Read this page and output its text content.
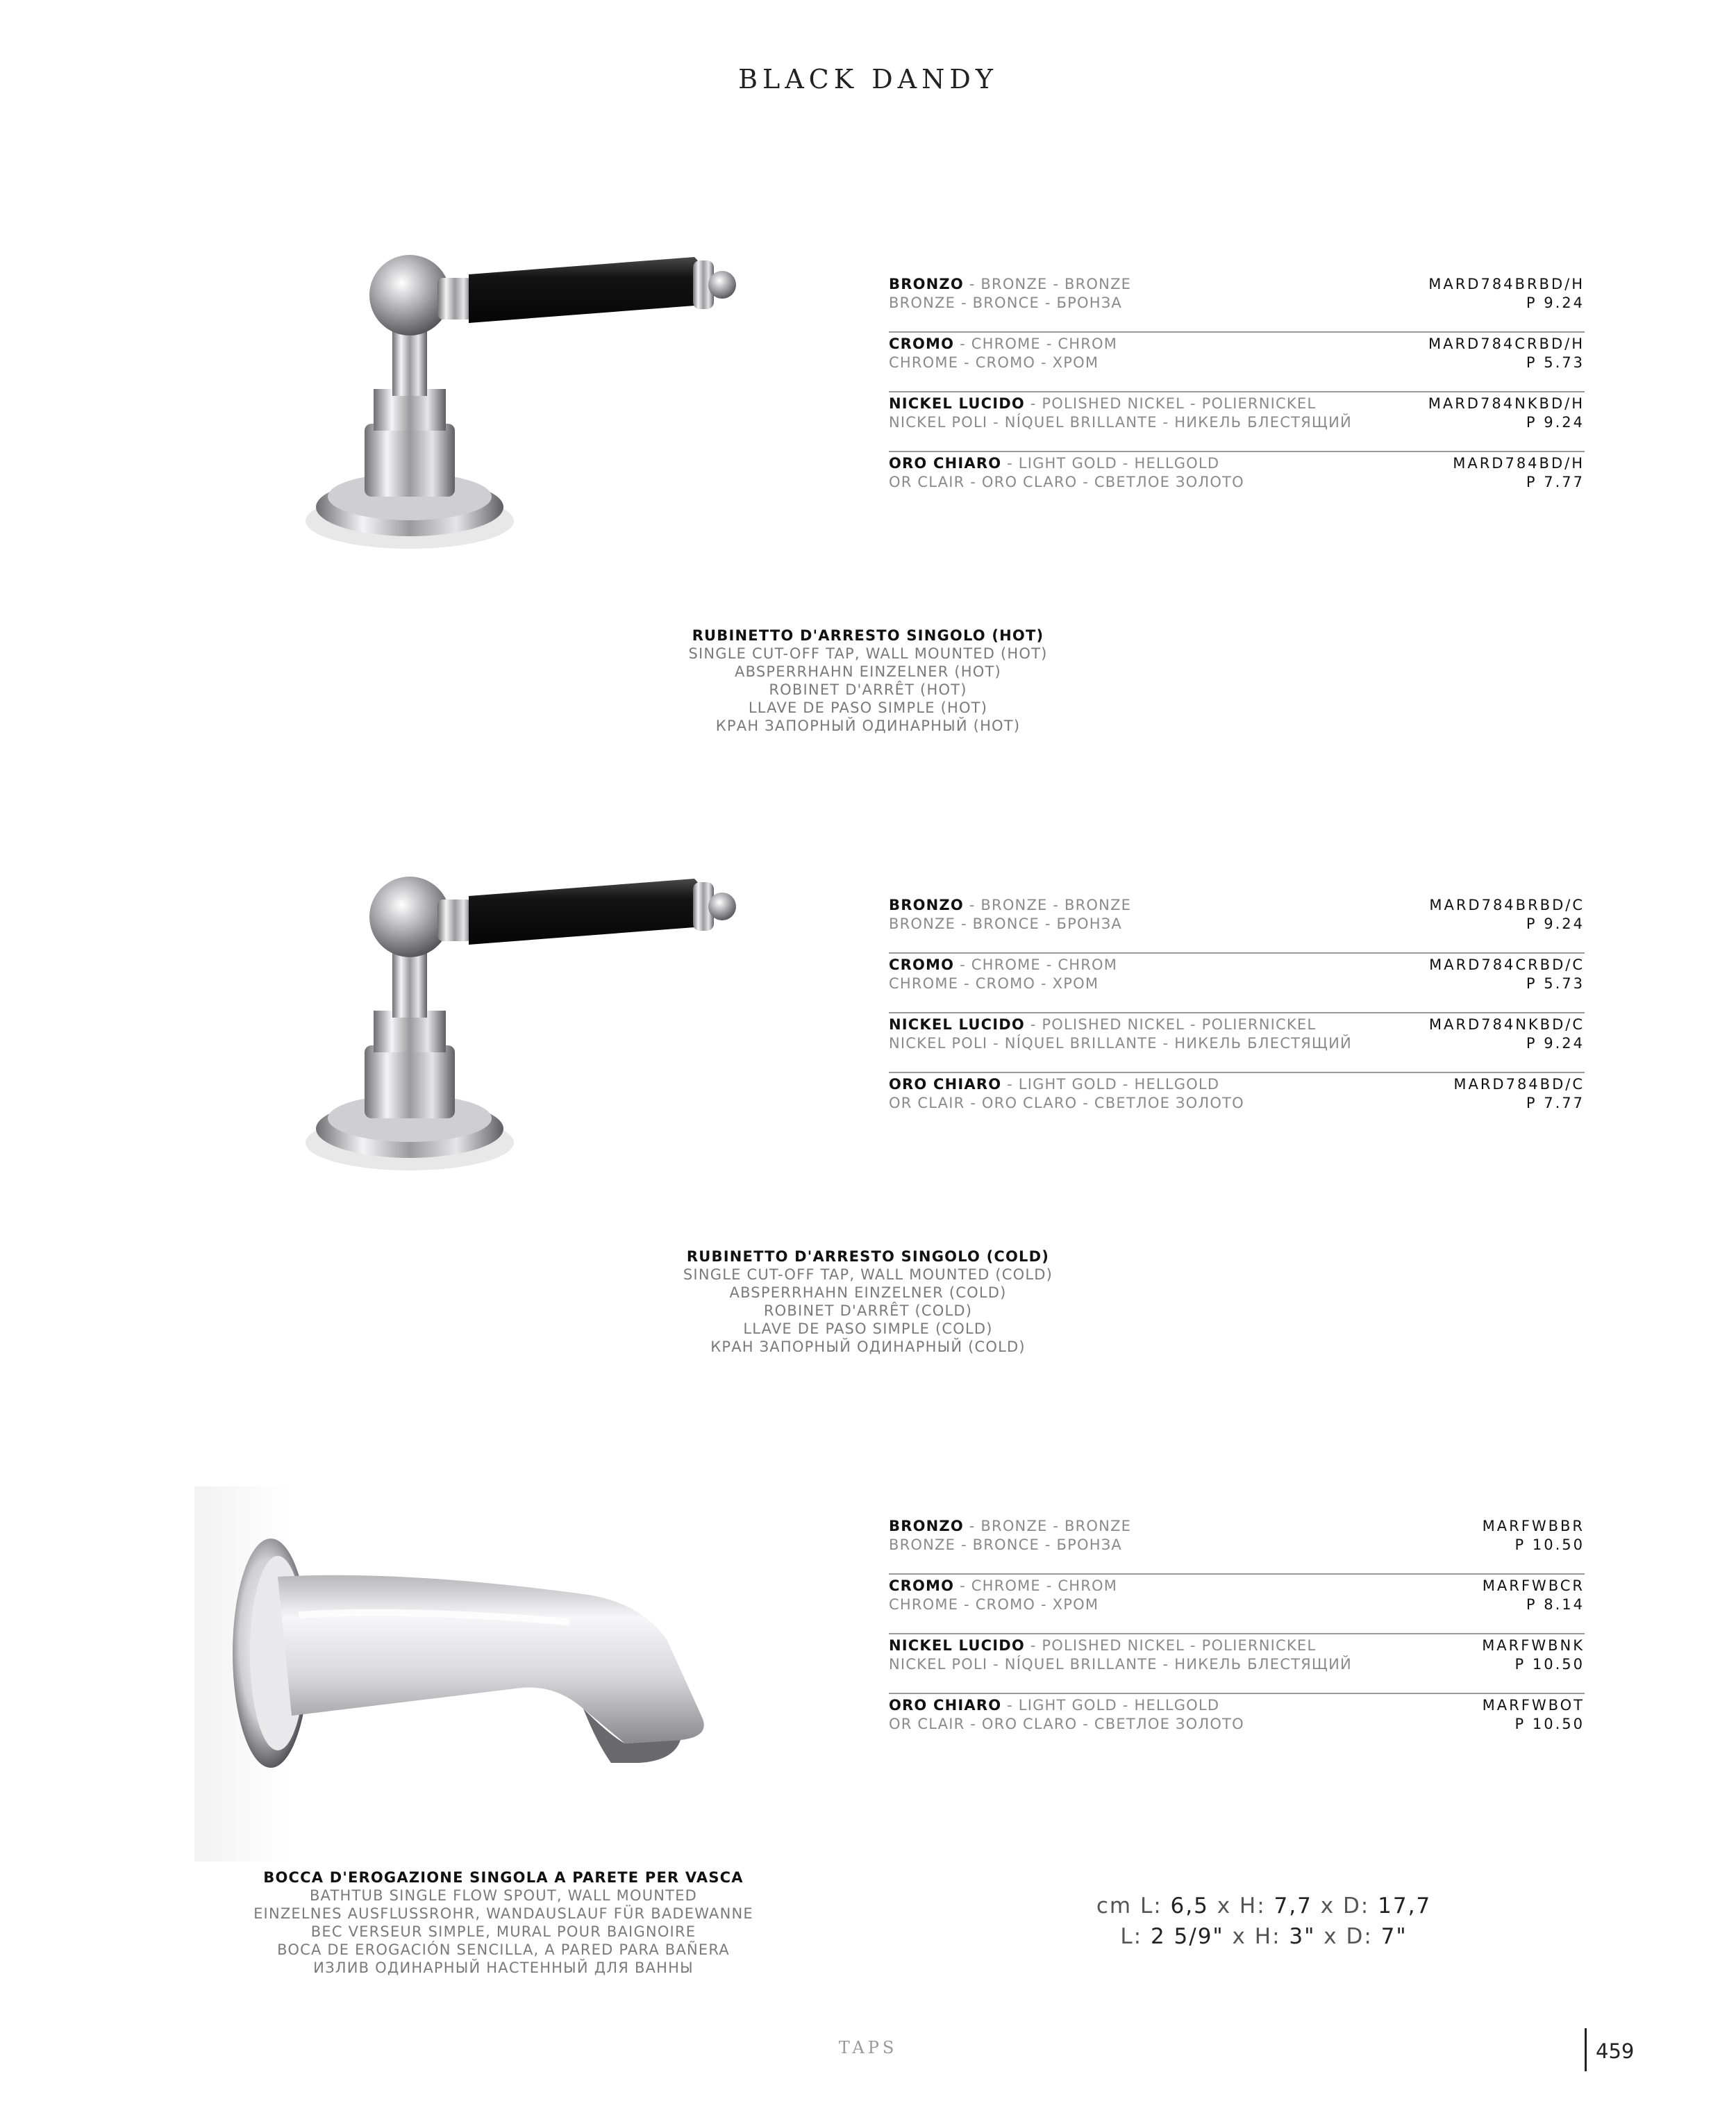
BLACK DANDY
BRONZO - BRONZE - BRONZE
BRONZE - BRONCE - БРОНЗА
MARD784BRBD/H
P 9.24
CROMO - CHROME - CHROM
CHROME - CROMO - ХРОМ
MARD784CRBD/H
P 5.73
NICKEL LUCIDO - POLISHED NICKEL - POLIERNICKEL
NICKEL POLI - NÍQUEL BRILLANTE - НИКЕЛЬ БЛЕСТЯЩИЙ
MARD784NKBD/H
P 9.24
ORO CHIARO - LIGHT GOLD - HELLGOLD
OR CLAIR - ORO CLARO - СВЕТЛОЕ ЗОЛОТО
MARD784BD/H
P 7.77
RUBINETTO D'ARRESTO SINGOLO (HOT)
SINGLE CUT-OFF TAP, WALL MOUNTED (HOT)
ABSPERRHAHN EINZELNER (HOT)
ROBINET D'ARRÊT (HOT)
LLAVE DE PASO SIMPLE (HOT)
КРАН ЗАПОРНЫЙ ОДИНАРНЫЙ (HOT)
BRONZO - BRONZE - BRONZE
BRONZE - BRONCE - БРОНЗА
MARD784BRBD/C
P 9.24
CROMO - CHROME - CHROM
CHROME - CROMO - ХРОМ
MARD784CRBD/C
P 5.73
NICKEL LUCIDO - POLISHED NICKEL - POLIERNICKEL
NICKEL POLI - NÍQUEL BRILLANTE - НИКЕЛЬ БЛЕСТЯЩИЙ
MARD784NKBD/C
P 9.24
ORO CHIARO - LIGHT GOLD - HELLGOLD
OR CLAIR - ORO CLARO - СВЕТЛОЕ ЗОЛОТО
MARD784BD/C
P 7.77
RUBINETTO D'ARRESTO SINGOLO (COLD)
SINGLE CUT-OFF TAP, WALL MOUNTED (COLD)
ABSPERRHAHN EINZELNER (COLD)
ROBINET D'ARRÊT (COLD)
LLAVE DE PASO SIMPLE (COLD)
КРАН ЗАПОРНЫЙ ОДИНАРНЫЙ (COLD)
BRONZO - BRONZE - BRONZE
BRONZE - BRONCE - БРОНЗА
MARFWBBR
P 10.50
CROMO - CHROME - CHROM
CHROME - CROMO - ХРОМ
MARFWBCR
P 8.14
NICKEL LUCIDO - POLISHED NICKEL - POLIERNICKEL
NICKEL POLI - NÍQUEL BRILLANTE - НИКЕЛЬ БЛЕСТЯЩИЙ
MARFWBNK
P 10.50
ORO CHIARO - LIGHT GOLD - HELLGOLD
OR CLAIR - ORO CLARO - СВЕТЛОЕ ЗОЛОТО
MARFWBOT
P 10.50
BOCCA D'EROGAZIONE SINGOLA A PARETE PER VASCA
BATHTUB SINGLE FLOW SPOUT, WALL MOUNTED
EINZELNES AUSFLUSSROHR, WANDAUSLAUF FÜR BADEWANNE
BEC VERSEUR SIMPLE, MURAL POUR BAIGNOIRE
BOCA DE EROGACIÓN SENCILLA, A PARED PARA BAÑERA
ИЗЛИВ ОДИНАРНЫЙ НАСТЕННЫЙ ДЛЯ ВАННЫ
cm L: 6,5 x H: 7,7 x D: 17,7
L: 2 5/9" x H: 3" x D: 7"
TAPS	459
